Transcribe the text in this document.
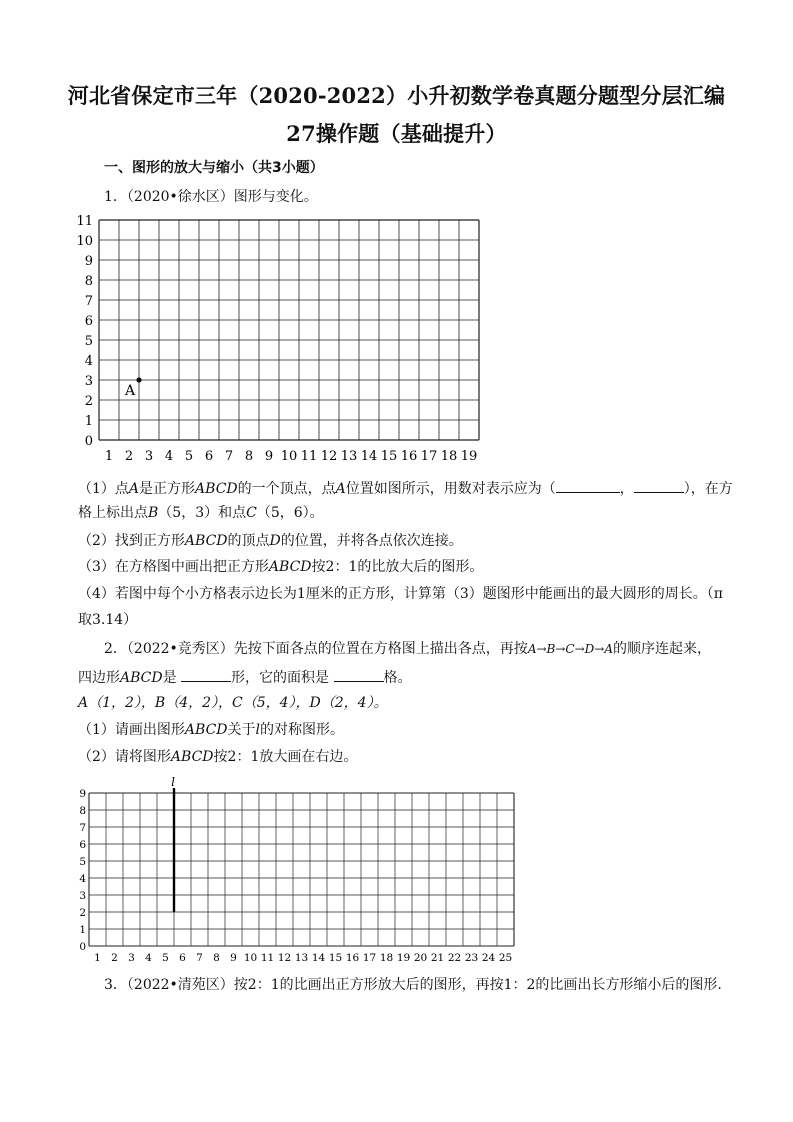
河北省保定市三年（2020-2022）小升初数学卷真题分题型分层汇编
27操作题（基础提升）
一、图形的放大与缩小（共3小题）
1．（2020•徐水区）图形与变化。
1 2 3 4 5 6 7 8 9 10 11 12 13 14 15 16 17 18 19
0
1
2
3
4
5
6
7
8
9
10
11
A
（1）点A是正方形ABCD的一个顶点，点A位置如图所示，用数对表示应为（	，	），在方
格上标出点B（5，3）和点C（5，6）。
（2）找到正方形ABCD的顶点D的位置，并将各点依次连接。
（3）在方格图中画出把正方形ABCD按2：1的比放大后的图形。
（4）若图中每个小方格表示边长为1厘米的正方形，计算第（3）题图形中能画出的最大圆形的周长。（π
取3.14）
2．（2022•竞秀区）先按下面各点的位置在方格图上描出各点，再按A→B→C→D→A的顺序连起来，
四边形ABCD是	形，它的面积是	格。
A（1，2），B（4，2），C（5，4），D（2，4）。
（1）请画出图形ABCD关于l的对称图形。
（2）请将图形ABCD按2：1放大画在右边。
1 2 3 4 5 6 7 8 9 10 11 12 13 14 15 16 17 18 19 20 21 22 23 24 25
0
1
2
3
4
5
6
7
8
9
l
3．（2022•清苑区）按2：1的比画出正方形放大后的图形，再按1：2的比画出长方形缩小后的图形.
